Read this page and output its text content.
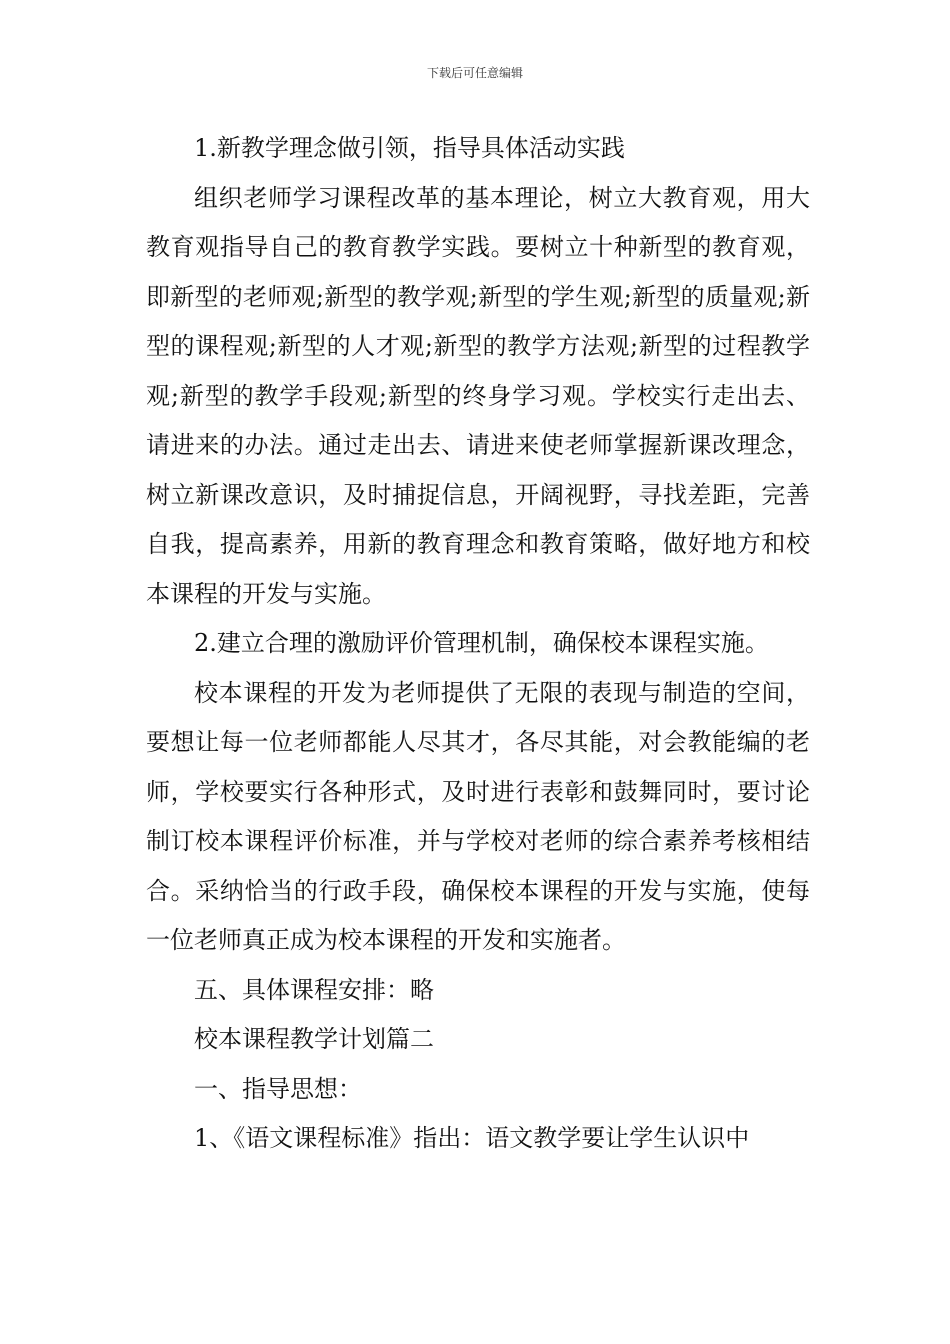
下载后可任意编辑

1.新教学理念做引领，指导具体活动实践

组织老师学习课程改革的基本理论，树立大教育观，用大教育观指导自己的教育教学实践。要树立十种新型的教育观，即新型的老师观;新型的教学观;新型的学生观;新型的质量观;新型的课程观;新型的人才观;新型的教学方法观;新型的过程教学观;新型的教学手段观;新型的终身学习观。学校实行走出去、请进来的办法。通过走出去、请进来使老师掌握新课改理念，树立新课改意识，及时捕捉信息，开阔视野，寻找差距，完善自我，提高素养，用新的教育理念和教育策略，做好地方和校本课程的开发与实施。

2.建立合理的激励评价管理机制，确保校本课程实施。

校本课程的开发为老师提供了无限的表现与制造的空间，要想让每一位老师都能人尽其才，各尽其能，对会教能编的老师，学校要实行各种形式，及时进行表彰和鼓舞同时，要讨论制订校本课程评价标准，并与学校对老师的综合素养考核相结合。采纳恰当的行政手段，确保校本课程的开发与实施，使每一位老师真正成为校本课程的开发和实施者。

五、具体课程安排：略

校本课程教学计划篇二

一、指导思想：

1、《语文课程标准》指出：语文教学要让学生认识中
